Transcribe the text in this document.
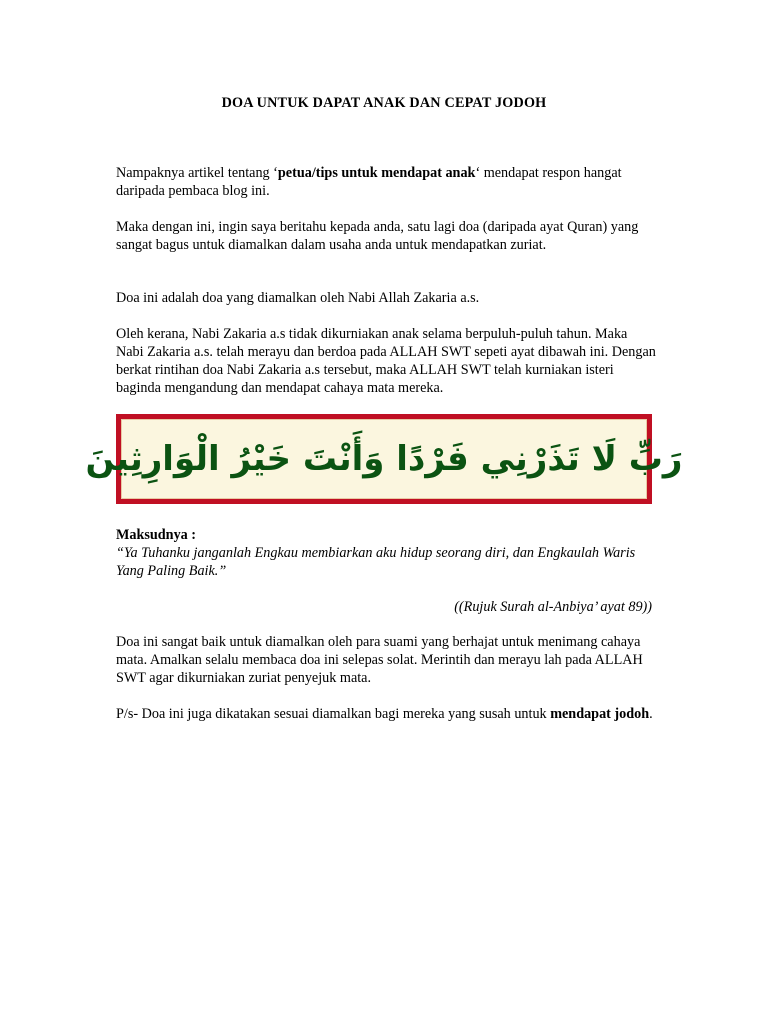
DOA UNTUK DAPAT ANAK DAN CEPAT JODOH

Nampaknya artikel tentang ‘petua/tips untuk mendapat anak‘ mendapat respon hangat daripada pembaca blog ini.

Maka dengan ini, ingin saya beritahu kepada anda, satu lagi doa (daripada ayat Quran) yang sangat bagus untuk diamalkan dalam usaha anda untuk mendapatkan zuriat.

Doa ini adalah doa yang diamalkan oleh Nabi Allah Zakaria a.s.

Oleh kerana, Nabi Zakaria a.s tidak dikurniakan anak selama berpuluh-puluh tahun. Maka Nabi Zakaria a.s. telah merayu dan berdoa pada ALLAH SWT sepeti ayat dibawah ini. Dengan berkat rintihan doa Nabi Zakaria a.s tersebut, maka ALLAH SWT telah kurniakan isteri baginda mengandung dan mendapat cahaya mata mereka.

رَبِّ لَا تَذَرْنِي فَرْدًا وَأَنْتَ خَيْرُ الْوَارِثِينَ
Maksudnya :
“Ya Tuhanku janganlah Engkau membiarkan aku hidup seorang diri, dan Engkaulah Waris Yang Paling Baik.”
((Rujuk Surah al-Anbiya’ ayat 89))

Doa ini sangat baik untuk diamalkan oleh para suami yang berhajat untuk menimang cahaya mata. Amalkan selalu membaca doa ini selepas solat. Merintih dan merayu lah pada ALLAH SWT agar dikurniakan zuriat penyejuk mata.

P/s- Doa ini juga dikatakan sesuai diamalkan bagi mereka yang susah untuk mendapat jodoh.
